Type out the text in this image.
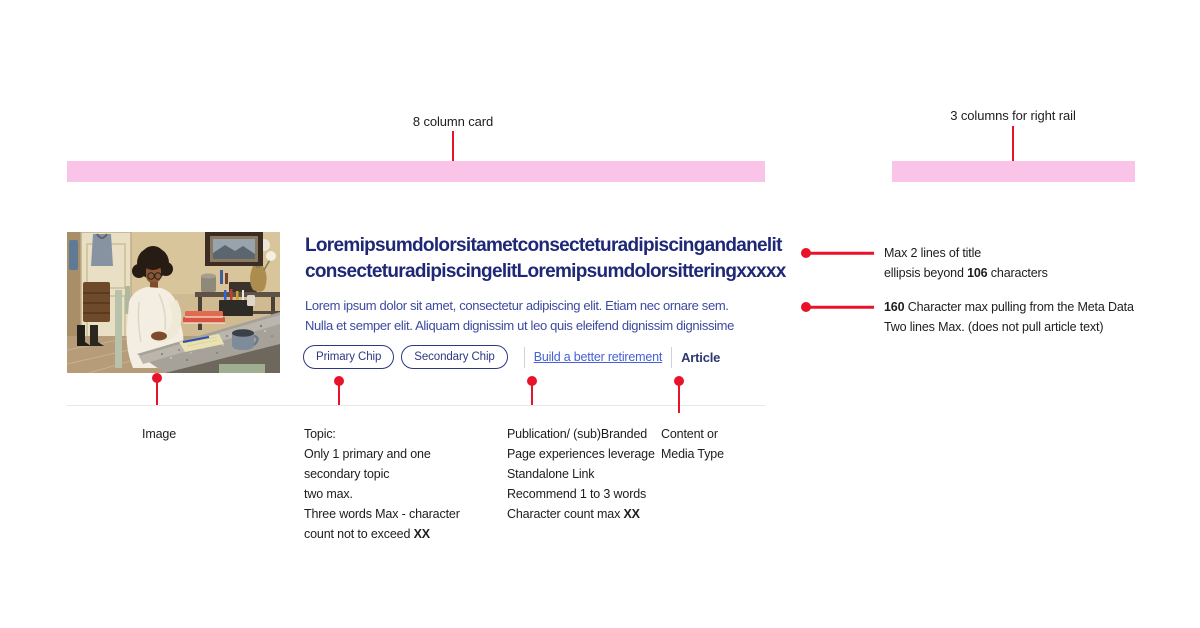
8 column card	3 columns for right rail
Loremipsumdolorsitametconsecteturadipiscingandanelit
consecteturadipiscingelitLoremipsumdolorsitteringxxxxx
Lorem ipsum dolor sit amet, consectetur adipiscing elit. Etiam nec ornare sem.
Nulla et semper elit. Aliquam dignissim ut leo quis eleifend dignissim dignissime
Primary Chip	Secondary Chip	Build a better retirement Article
Max 2 lines of title
ellipsis beyond 106 characters
160 Character max pulling from the Meta Data
Two lines Max. (does not pull article text)
Image	Topic:
Only 1 primary and one
secondary topic
two max.
Three words Max - character
count not to exceed XX
Publication/ (sub)Branded
Page experiences leverage
Standalone Link
Recommend 1 to 3 words
Character count max XX
Content or
Media Type
